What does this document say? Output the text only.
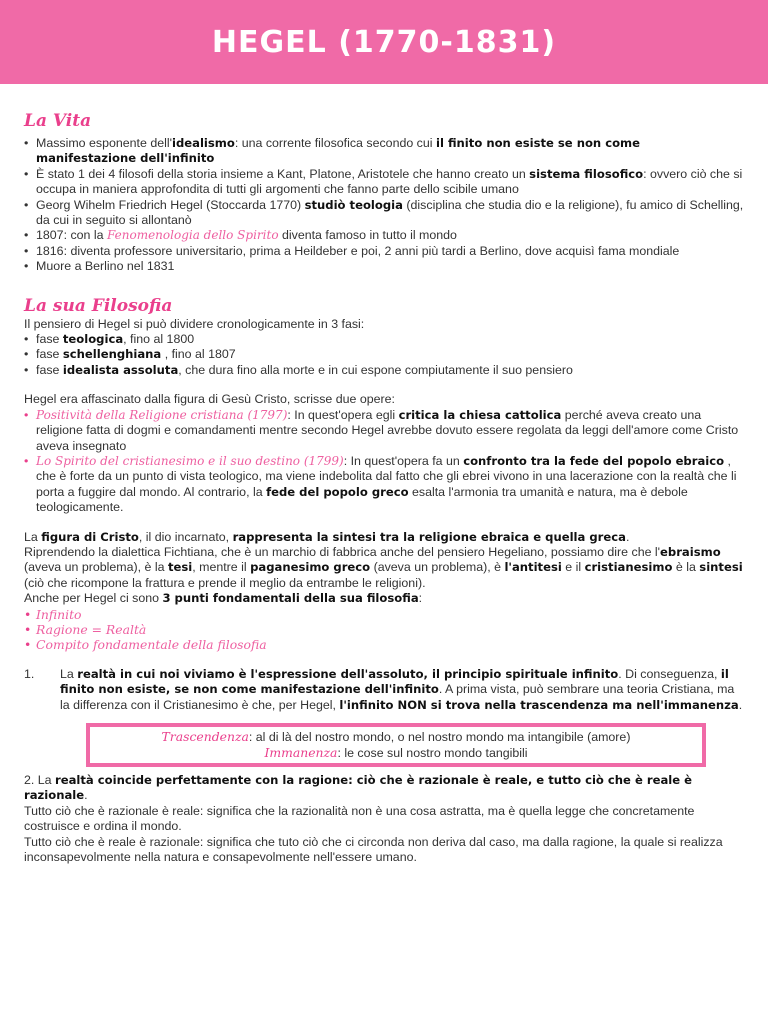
HEGEL (1770-1831)
La Vita
• Massimo esponente dell'idealismo: una corrente filosofica secondo cui il finito non esiste se non come manifestazione dell'infinito
• È stato 1 dei 4 filosofi della storia insieme a Kant, Platone, Aristotele che hanno creato un sistema filosofico: ovvero ciò che si occupa in maniera approfondita di tutti gli argomenti che fanno parte dello scibile umano
• Georg Wihelm Friedrich Hegel (Stoccarda 1770) studiò teologia (disciplina che studia dio e la religione), fu amico di Schelling, da cui in seguito si allontanò
• 1807: con la Fenomenologia dello Spirito diventa famoso in tutto il mondo
• 1816: diventa professore universitario, prima a Heildeber e poi, 2 anni più tardi a Berlino, dove acquisì fama mondiale
• Muore a Berlino nel 1831
La sua Filosofia

Il pensiero di Hegel si può dividere cronologicamente in 3 fasi:

• fase teologica, fino al 1800
• fase schellenghiana , fino al 1807
• fase idealista assoluta, che dura fino alla morte e in cui espone compiutamente il suo pensiero

Hegel era affascinato dalla figura di Gesù Cristo, scrisse due opere:

• Positività della Religione cristiana (1797): In quest'opera egli critica la chiesa cattolica perché aveva creato una religione fatta di dogmi e comandamenti mentre secondo Hegel avrebbe dovuto essere regolata da leggi dell'amore come Cristo aveva insegnato
• Lo Spirito del cristianesimo e il suo destino (1799): In quest'opera fa un confronto tra la fede del popolo ebraico , che è forte da un punto di vista teologico, ma viene indebolita dal fatto che gli ebrei vivono in una lacerazione con la realtà che li porta a fuggire dal mondo. Al contrario, la fede del popolo greco esalta l'armonia tra umanità e natura, ma è debole teologicamente.

La figura di Cristo, il dio incarnato, rappresenta la sintesi tra la religione ebraica e quella greca.

Riprendendo la dialettica Fichtiana, che è un marchio di fabbrica anche del pensiero Hegeliano, possiamo dire che l'ebraismo (aveva un problema), è la tesi, mentre il paganesimo greco (aveva un problema), è l'antitesi e il cristianesimo è la sintesi (ciò che ricompone la frattura e prende il meglio da entrambe le religioni).

Anche per Hegel ci sono 3 punti fondamentali della sua filosofia:

• Infinito
• Ragione = Realtà
• Compito fondamentale della filosofia

1. La realtà in cui noi viviamo è l'espressione dell'assoluto, il principio spirituale infinito. Di conseguenza, il finito non esiste, se non come manifestazione dell'infinito. A prima vista, può sembrare una teoria Cristiana, ma la differenza con il Cristianesimo è che, per Hegel, l'infinito NON si trova nella trascendenza ma nell'immanenza.

Trascendenza: al di là del nostro mondo, o nel nostro mondo ma intangibile (amore)
Immanenza: le cose sul nostro mondo tangibili

2. La realtà coincide perfettamente con la ragione: ciò che è razionale è reale, e tutto ciò che è reale è razionale.

Tutto ciò che è razionale è reale: significa che la razionalità non è una cosa astratta, ma è quella legge che concretamente costruisce e ordina il mondo.

Tutto ciò che è reale è razionale: significa che tuto ciò che ci circonda non deriva dal caso, ma dalla ragione, la quale si realizza inconsapevolmente nella natura e consapevolmente nell'essere umano.
